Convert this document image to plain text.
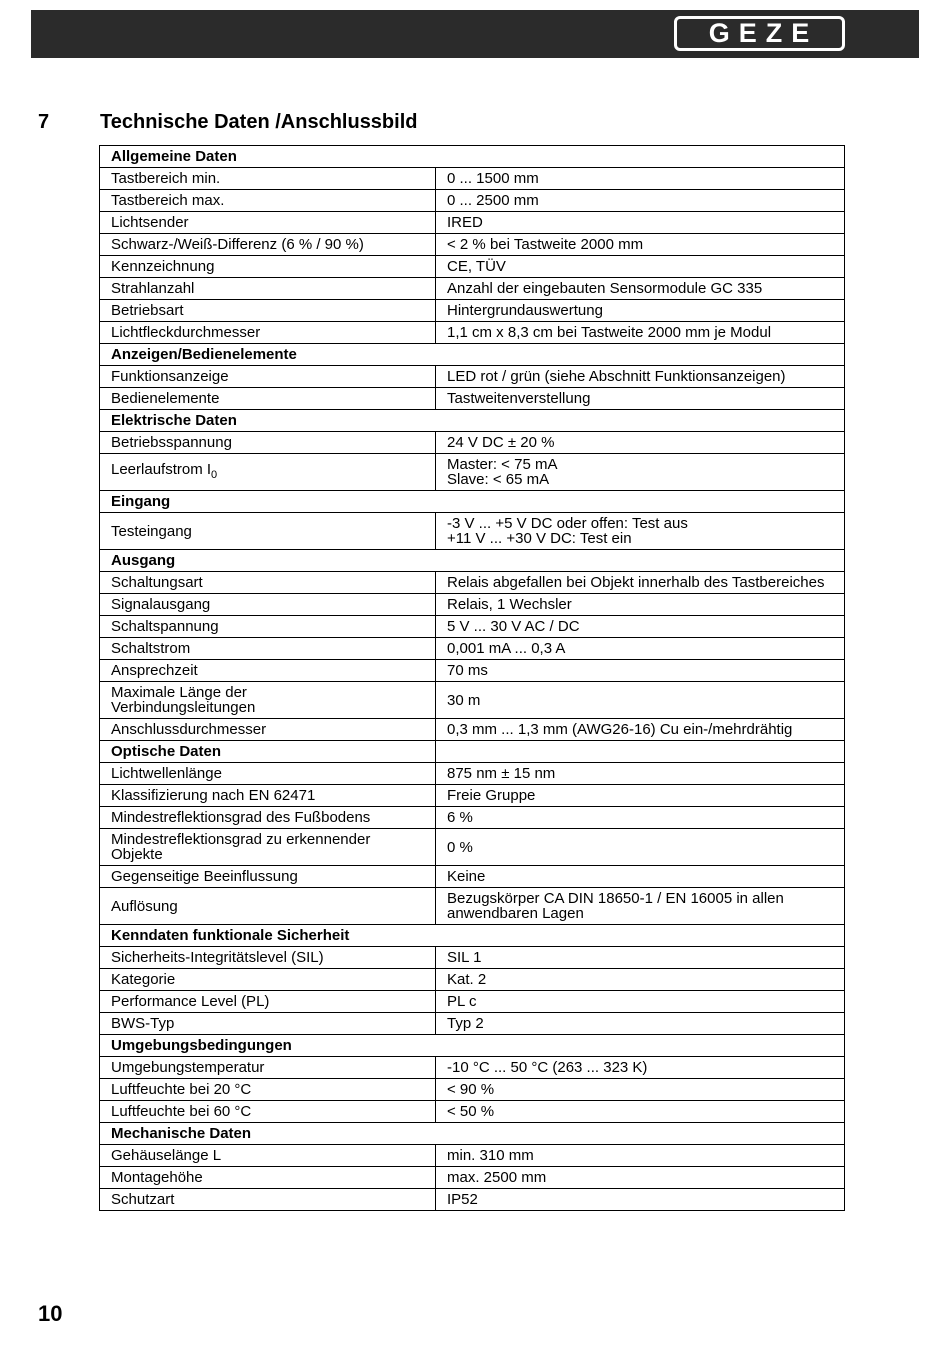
GEZE
7	Technische Daten /Anschlussbild
Allgemeine Daten	
Tastbereich min.	0 ... 1500 mm
Tastbereich max.	0 ... 2500 mm
Lichtsender	IRED
Schwarz-/Weiß-Differenz (6 % / 90 %)	< 2 % bei Tastweite 2000 mm
Kennzeichnung	CE, TÜV
Strahlanzahl	Anzahl der eingebauten Sensormodule GC 335
Betriebsart	Hintergrundauswertung
Lichtfleckdurchmesser	1,1 cm x 8,3 cm bei Tastweite 2000 mm je Modul
Anzeigen/Bedienelemente	
Funktionsanzeige	LED rot / grün (siehe Abschnitt Funktionsanzeigen)
Bedienelemente	Tastweitenverstellung
Elektrische Daten	
Betriebsspannung	24 V DC ± 20 %
Leerlaufstrom $I_0$	Master: < 75 mA
Slave: < 65 mA
Eingang	
Testeingang	-3 V ... +5 V DC oder offen: Test aus
+11 V ... +30 V DC: Test ein
Ausgang	
Schaltungsart	Relais abgefallen bei Objekt innerhalb des Tastbereiches
Signalausgang	Relais, 1 Wechsler
Schaltspannung	5 V ... 30 V AC / DC
Schaltstrom	0,001 mA ... 0,3 A
Ansprechzeit	70 ms
Maximale Länge der
Verbindungsleitungen	30 m
Anschlussdurchmesser	0,3 mm ... 1,3 mm (AWG26-16) Cu ein-/mehrdrähtig
Optische Daten	
Lichtwellenlänge	875 nm ± 15 nm
Klassifizierung nach EN 62471	Freie Gruppe
Mindestreflektionsgrad des Fußbodens	6 %
Mindestreflektionsgrad zu erkennender
Objekte	0 %
Gegenseitige Beeinflussung	Keine
Auflösung	Bezugskörper CA DIN 18650-1 / EN 16005 in allen
anwendbaren Lagen
Kenndaten funktionale Sicherheit	
Sicherheits-Integritätslevel (SIL)	SIL 1
Kategorie	Kat. 2
Performance Level (PL)	PL c
BWS-Typ	Typ 2
Umgebungsbedingungen	
Umgebungstemperatur	-10 °C ... 50 °C (263 ... 323 K)
Luftfeuchte bei 20 °C	< 90 %
Luftfeuchte bei 60 °C	< 50 %
Mechanische Daten	
Gehäuselänge L	min. 310 mm
Montagehöhe	max. 2500 mm
Schutzart	IP52
10
